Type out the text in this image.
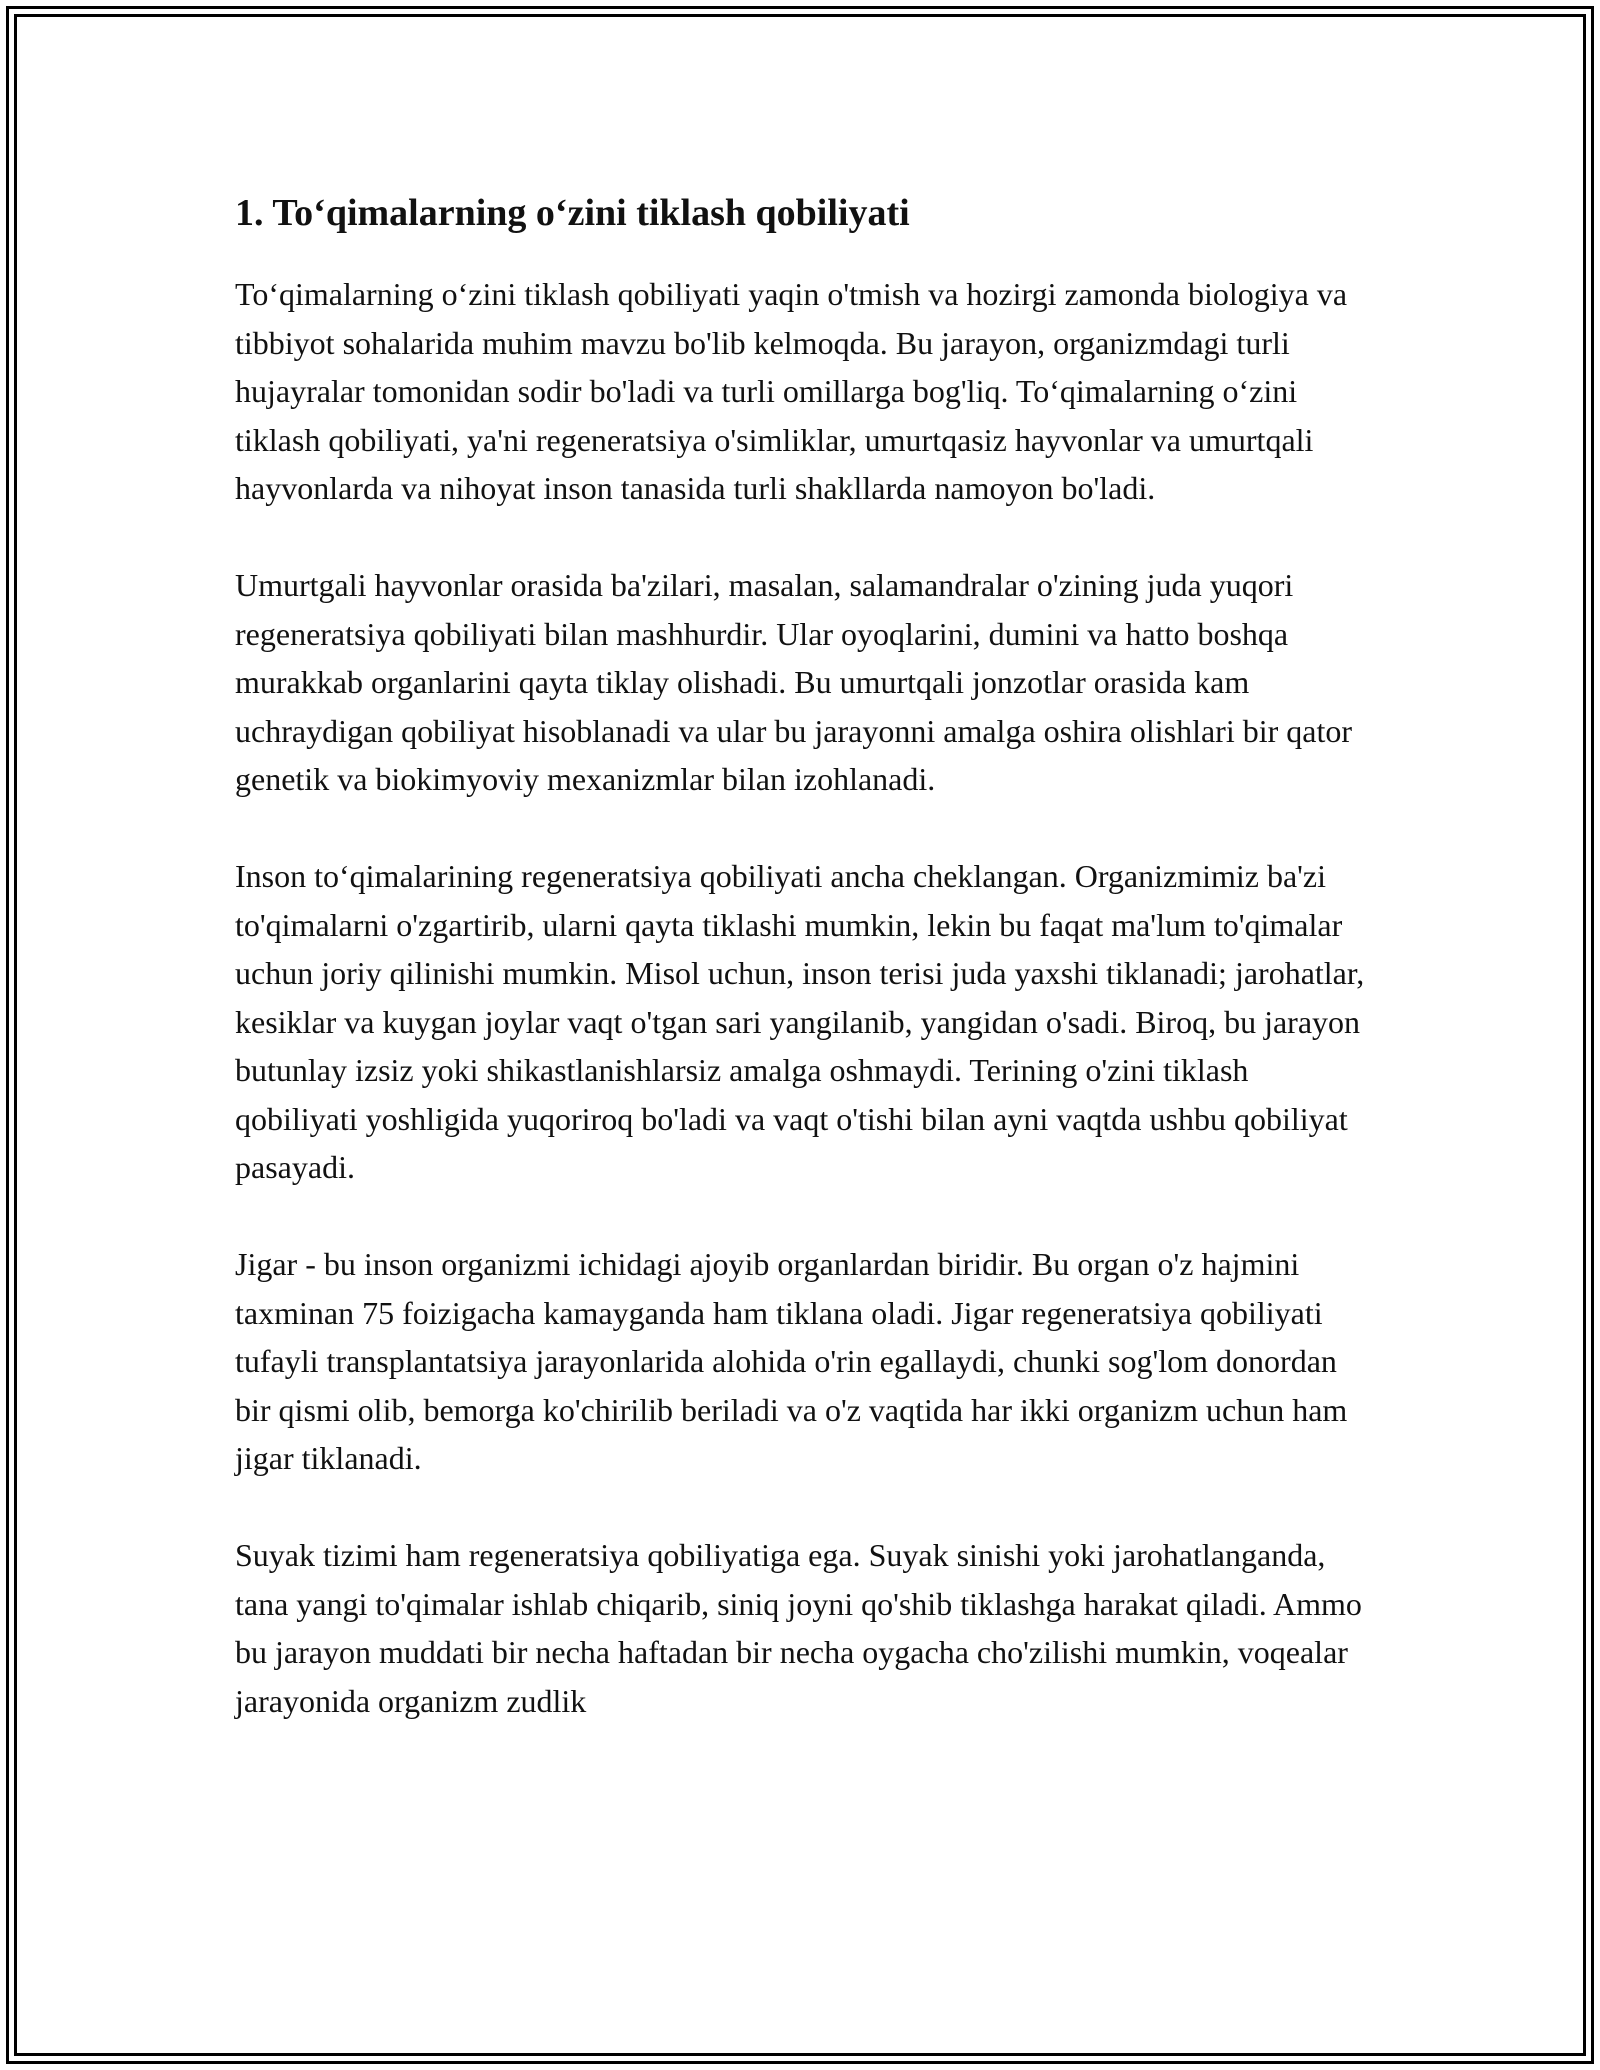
1. To‘qimalarning o‘zini tiklash qobiliyati

To‘qimalarning o‘zini tiklash qobiliyati yaqin o'tmish va hozirgi zamonda biologiya va tibbiyot sohalarida muhim mavzu bo'lib kelmoqda. Bu jarayon, organizmdagi turli hujayralar tomonidan sodir bo'ladi va turli omillarga bog'liq. To‘qimalarning o‘zini tiklash qobiliyati, ya'ni regeneratsiya o'simliklar, umurtqasiz hayvonlar va umurtqali hayvonlarda va nihoyat inson tanasida turli shakllarda namoyon bo'ladi.

Umurtgali hayvonlar orasida ba'zilari, masalan, salamandralar o'zining juda yuqori regeneratsiya qobiliyati bilan mashhurdir. Ular oyoqlarini, dumini va hatto boshqa murakkab organlarini qayta tiklay olishadi. Bu umurtqali jonzotlar orasida kam uchraydigan qobiliyat hisoblanadi va ular bu jarayonni amalga oshira olishlari bir qator genetik va biokimyoviy mexanizmlar bilan izohlanadi.

Inson to‘qimalarining regeneratsiya qobiliyati ancha cheklangan. Organizmimiz ba'zi to'qimalarni o'zgartirib, ularni qayta tiklashi mumkin, lekin bu faqat ma'lum to'qimalar uchun joriy qilinishi mumkin. Misol uchun, inson terisi juda yaxshi tiklanadi; jarohatlar, kesiklar va kuygan joylar vaqt o'tgan sari yangilanib, yangidan o'sadi. Biroq, bu jarayon butunlay izsiz yoki shikastlanishlarsiz amalga oshmaydi. Terining o'zini tiklash qobiliyati yoshligida yuqoriroq bo'ladi va vaqt o'tishi bilan ayni vaqtda ushbu qobiliyat pasayadi.

Jigar - bu inson organizmi ichidagi ajoyib organlardan biridir. Bu organ o'z hajmini taxminan 75 foizigacha kamayganda ham tiklana oladi. Jigar regeneratsiya qobiliyati tufayli transplantatsiya jarayonlarida alohida o'rin egallaydi, chunki sog'lom donordan bir qismi olib, bemorga ko'chirilib beriladi va o'z vaqtida har ikki organizm uchun ham jigar tiklanadi.

Suyak tizimi ham regeneratsiya qobiliyatiga ega. Suyak sinishi yoki jarohatlanganda, tana yangi to'qimalar ishlab chiqarib, siniq joyni qo'shib tiklashga harakat qiladi. Ammo bu jarayon muddati bir necha haftadan bir necha oygacha cho'zilishi mumkin, voqealar jarayonida organizm zudlik
